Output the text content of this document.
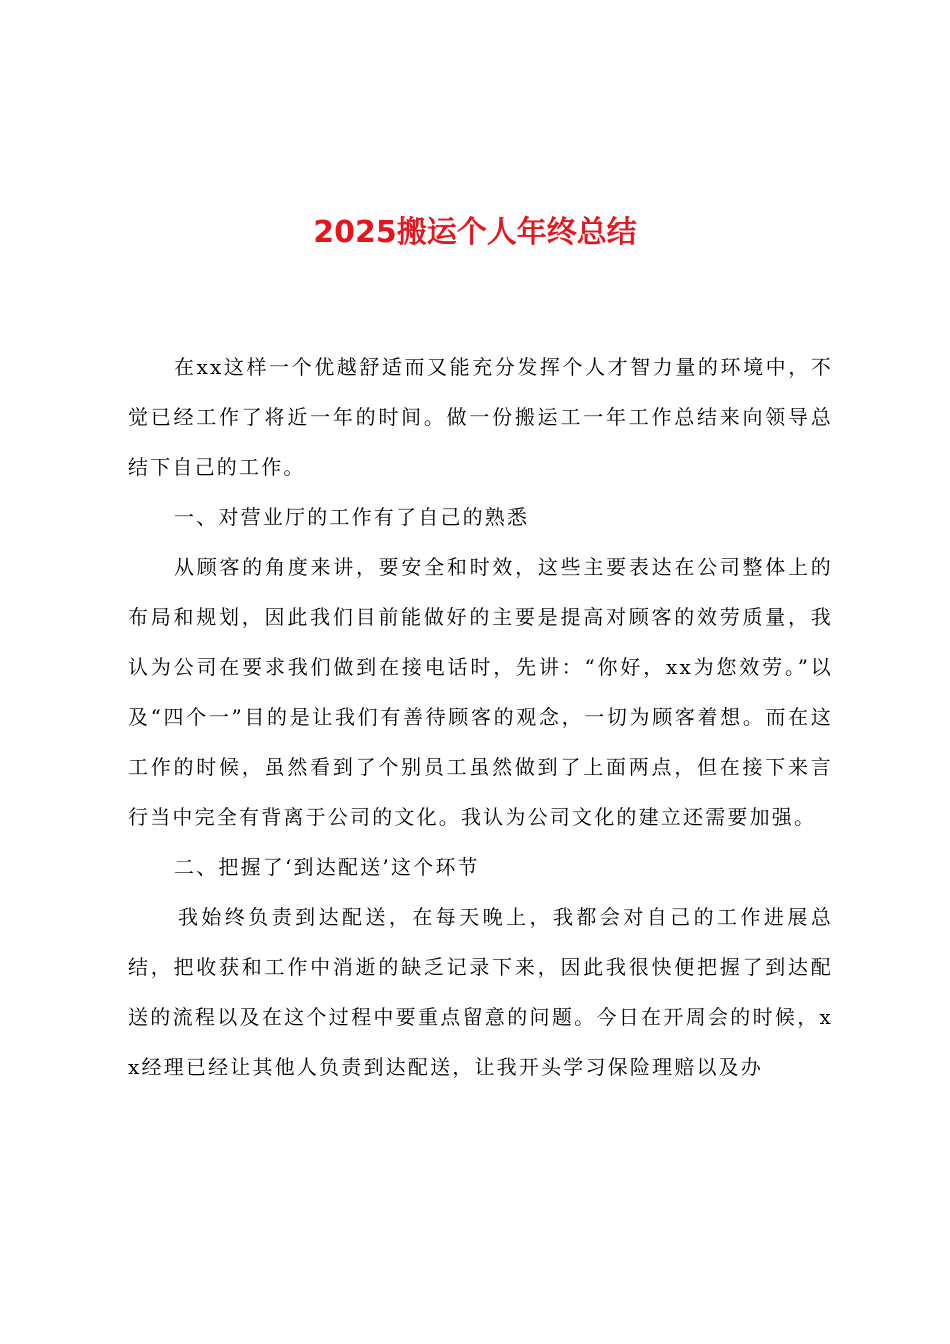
2025搬运个人年终总结

在xx这样一个优越舒适而又能充分发挥个人才智力量的环境中，不觉已经工作了将近一年的时间。做一份搬运工一年工作总结来向领导总结下自己的工作。

一、对营业厅的工作有了自己的熟悉

从顾客的角度来讲，要安全和时效，这些主要表达在公司整体上的布局和规划，因此我们目前能做好的主要是提高对顾客的效劳质量，我认为公司在要求我们做到在接电话时，先讲：“你好，xx为您效劳。”以及“四个一”目的是让我们有善待顾客的观念，一切为顾客着想。而在这工作的时候，虽然看到了个别员工虽然做到了上面两点，但在接下来言行当中完全有背离于公司的文化。我认为公司文化的建立还需要加强。

二、把握了‘到达配送’这个环节

我始终负责到达配送，在每天晚上，我都会对自己的工作进展总结，把收获和工作中消逝的缺乏记录下来，因此我很快便把握了到达配送的流程以及在这个过程中要重点留意的问题。今日在开周会的时候，xx经理已经让其他人负责到达配送，让我开头学习保险理赔以及办
